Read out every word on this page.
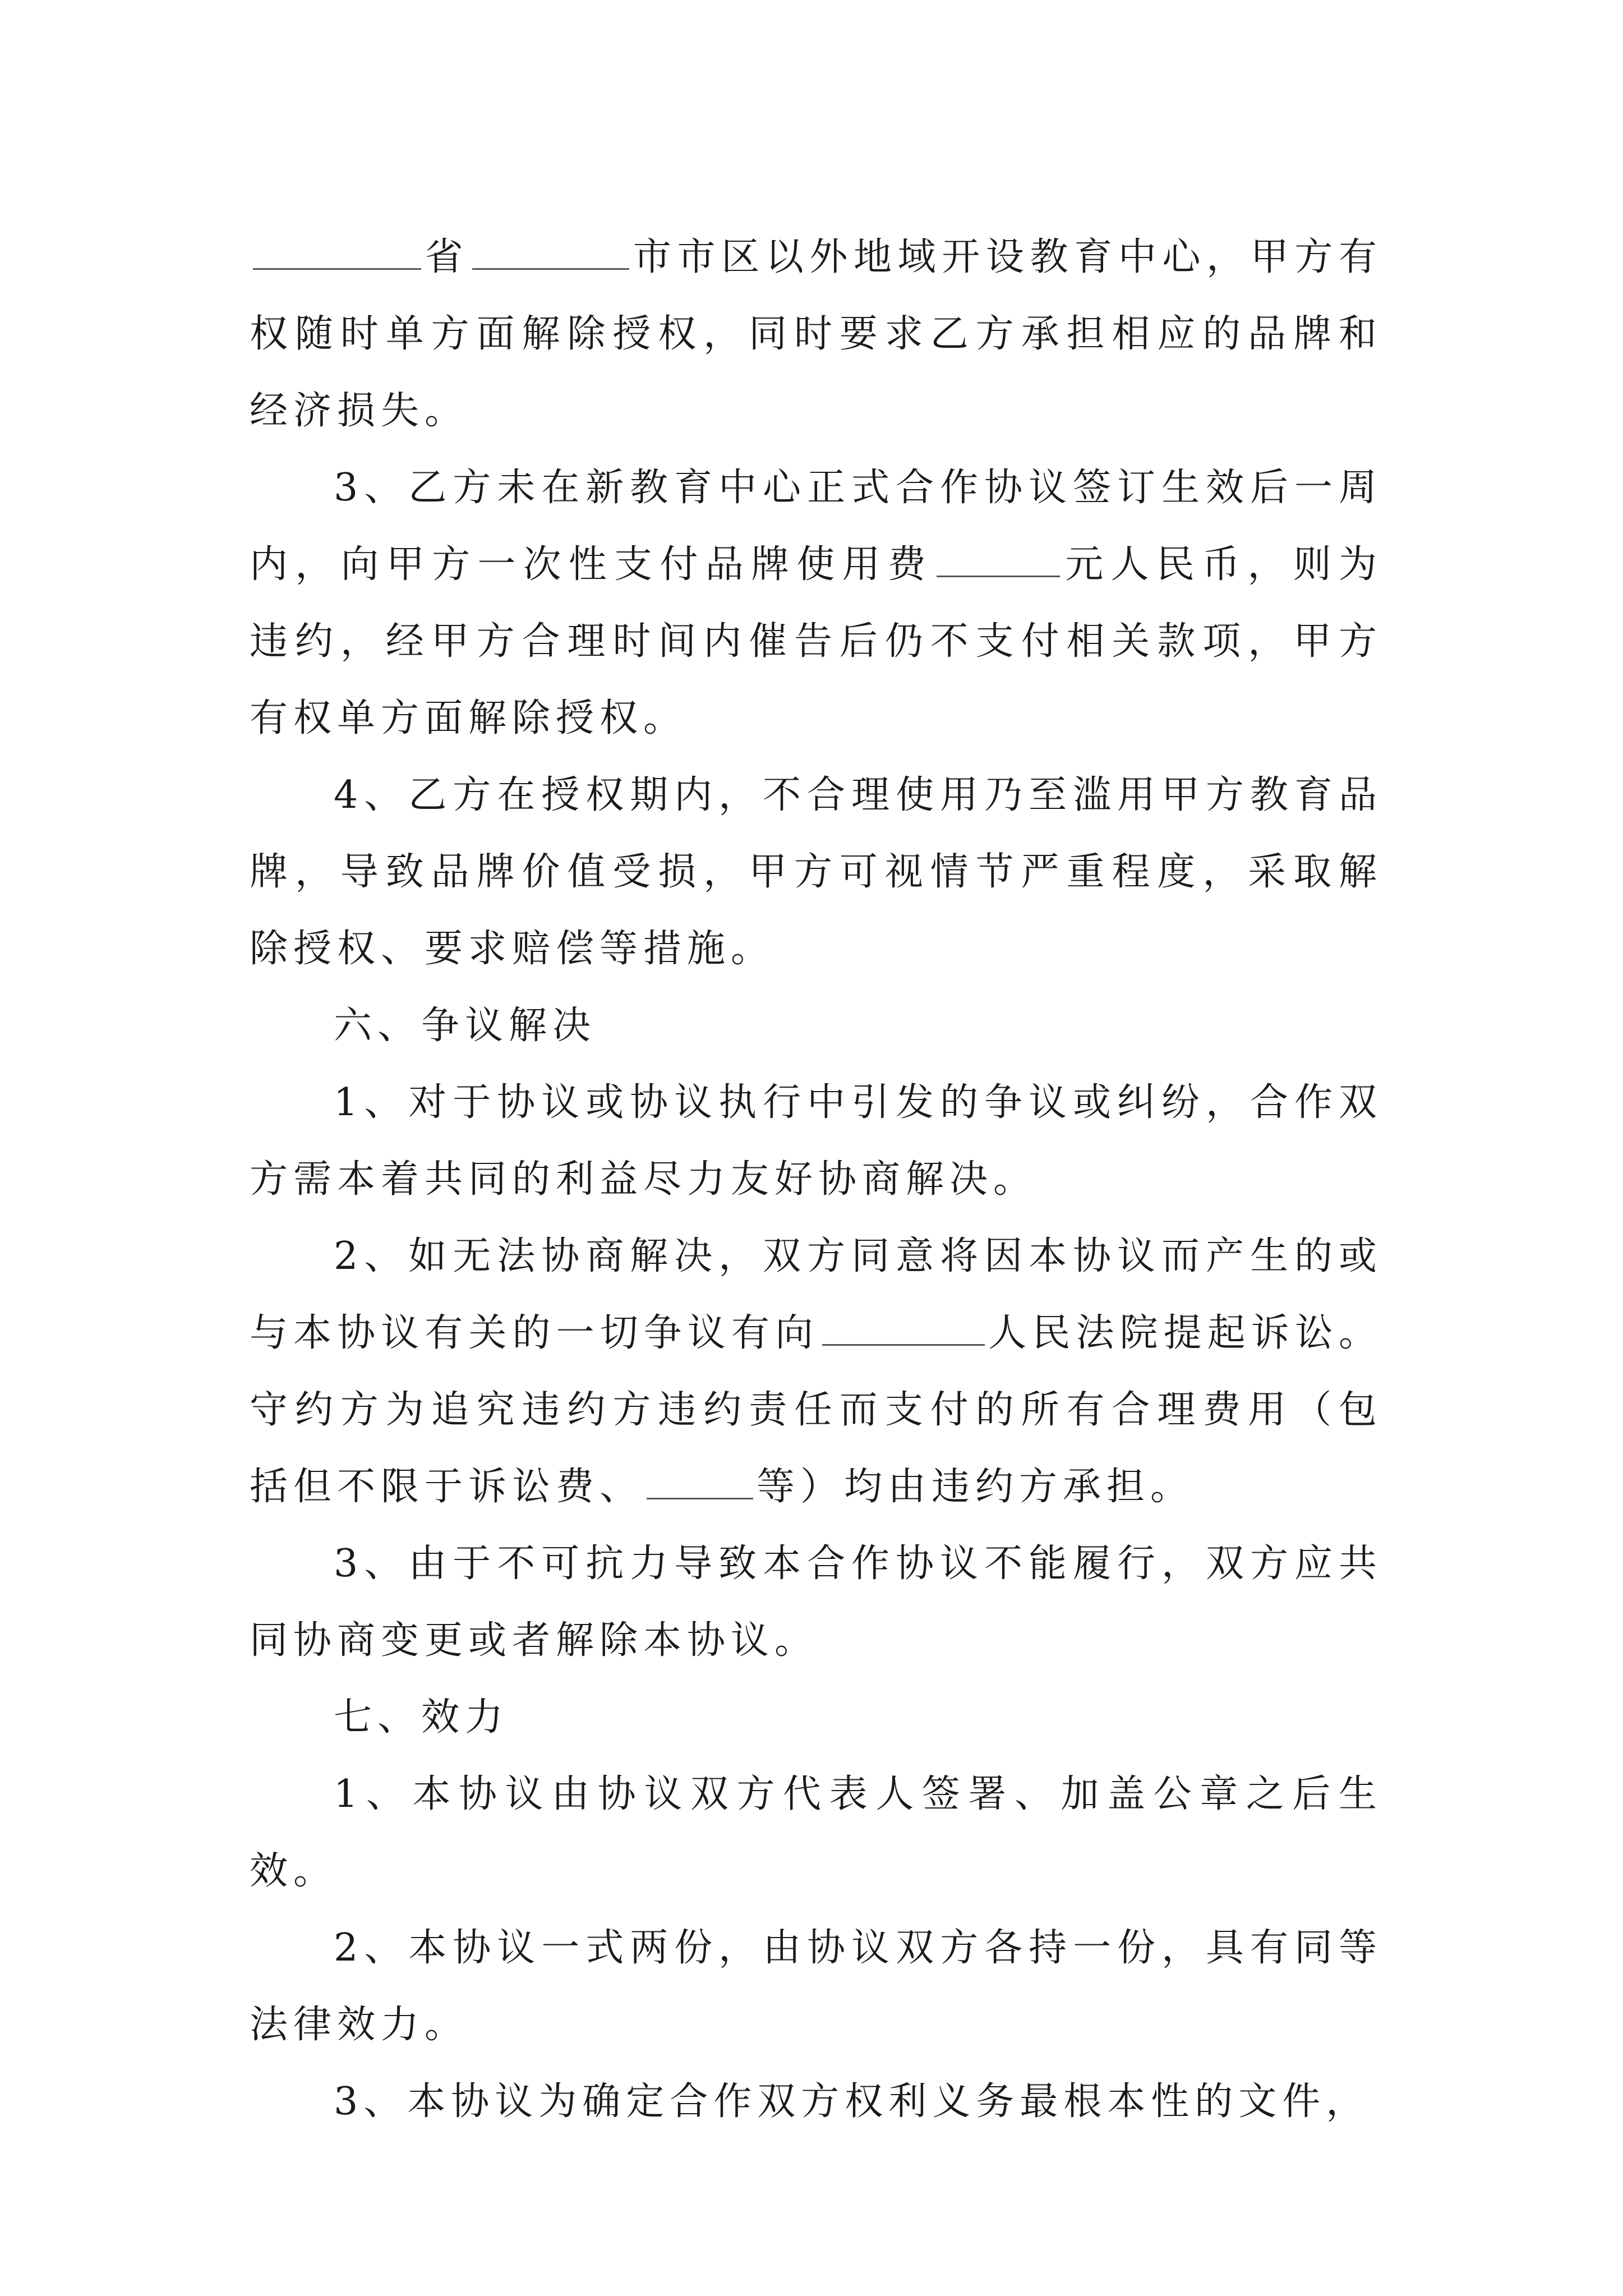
省	市市区以外地域开设教育中心，甲方有权随时单方面解除授权，同时要求乙方承担相应的品牌和经济损失。

3、乙方未在新教育中心正式合作协议签订生效后一周内，向甲方一次性支付品牌使用费	元人民币，则为违约，经甲方合理时间内催告后仍不支付相关款项，甲方有权单方面解除授权。

4、乙方在授权期内，不合理使用乃至滥用甲方教育品牌，导致品牌价值受损，甲方可视情节严重程度，采取解除授权、要求赔偿等措施。

六、争议解决

1、对于协议或协议执行中引发的争议或纠纷，合作双方需本着共同的利益尽力友好协商解决。

2、如无法协商解决，双方同意将因本协议而产生的或与本协议有关的一切争议有向	人民法院提起诉讼。守约方为追究违约方违约责任而支付的所有合理费用（包括但不限于诉讼费、	等）均由违约方承担。

3、由于不可抗力导致本合作协议不能履行，双方应共同协商变更或者解除本协议。

七、效力

1、本协议由协议双方代表人签署、加盖公章之后生效。

2、本协议一式两份，由协议双方各持一份，具有同等法律效力。

3、本协议为确定合作双方权利义务最根本性的文件，
